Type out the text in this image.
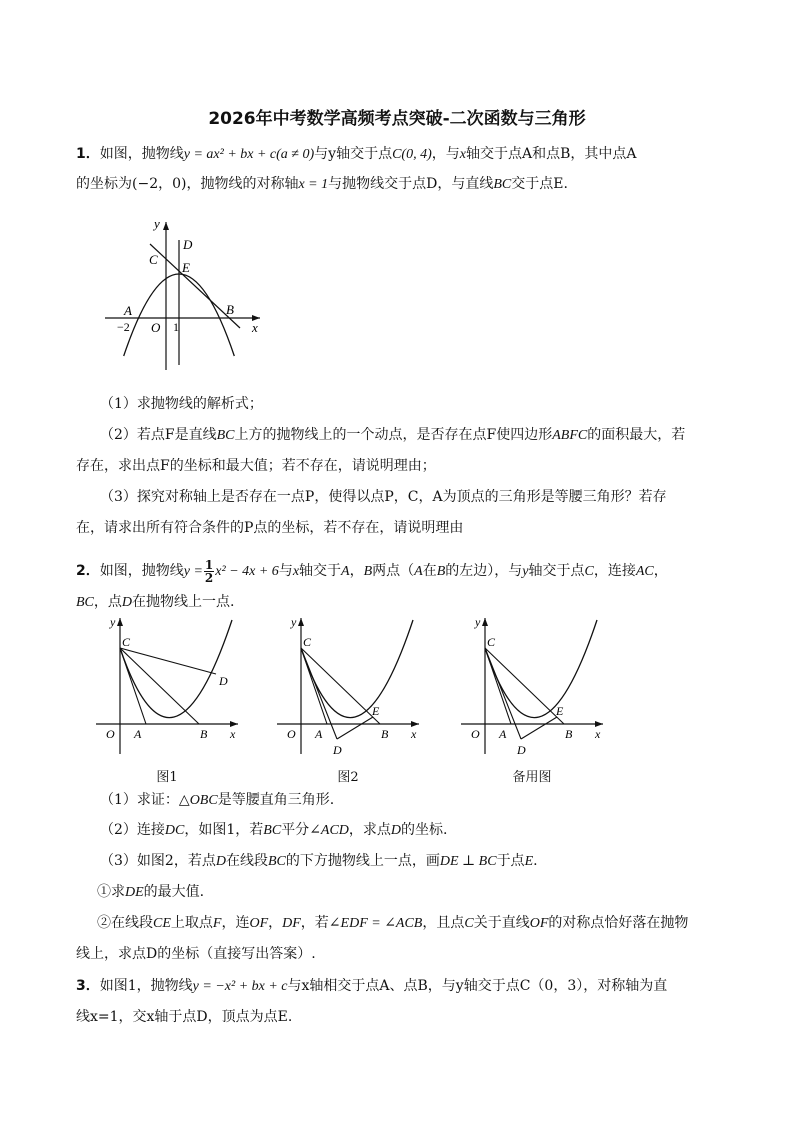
2026年中考数学高频考点突破-二次函数与三角形
1．如图，抛物线y = ax² + bx + c(a ≠ 0)与y轴交于点C(0, 4)，与x轴交于点A和点B，其中点A
的坐标为(−2，0)，抛物线的对称轴x = 1与抛物线交于点D，与直线BC交于点E.
y
x
C
D
E
A	B
O
−2	1
（1）求抛物线的解析式；
（2）若点F是直线BC上方的抛物线上的一个动点，是否存在点F使四边形ABFC的面积最大，若
存在，求出点F的坐标和最大值；若不存在，请说明理由；
（3）探究对称轴上是否存在一点P，使得以点P，C，A为顶点的三角形是等腰三角形？若存
在，请求出所有符合条件的P点的坐标，若不存在，请说明理由
2．如图，抛物线$y = \frac{1}{2} x^2 - 4x + 6$与x轴交于A，B两点（A在B的左边），与y轴交于点C，连接AC，
BC，点D在抛物线上一点.
y
x
C
D
A	B
O
图1
y
x
C
E
D
A	B
O
图2
y
x
C
E
D
A	B
O
备用图
（1）求证：△OBC是等腰直角三角形.
（2）连接DC，如图1，若BC平分∠ACD，求点D的坐标.
（3）如图2，若点D在线段BC的下方抛物线上一点，画DE ⊥ BC于点E.
①求DE的最大值.
②在线段CE上取点F，连OF，DF，若∠EDF = ∠ACB，且点C关于直线OF的对称点恰好落在抛物
线上，求点D的坐标（直接写出答案）.
3．如图1，抛物线y = −x² + bx + c与x轴相交于点A、点B，与y轴交于点C（0，3），对称轴为直
线x=1，交x轴于点D，顶点为点E.
